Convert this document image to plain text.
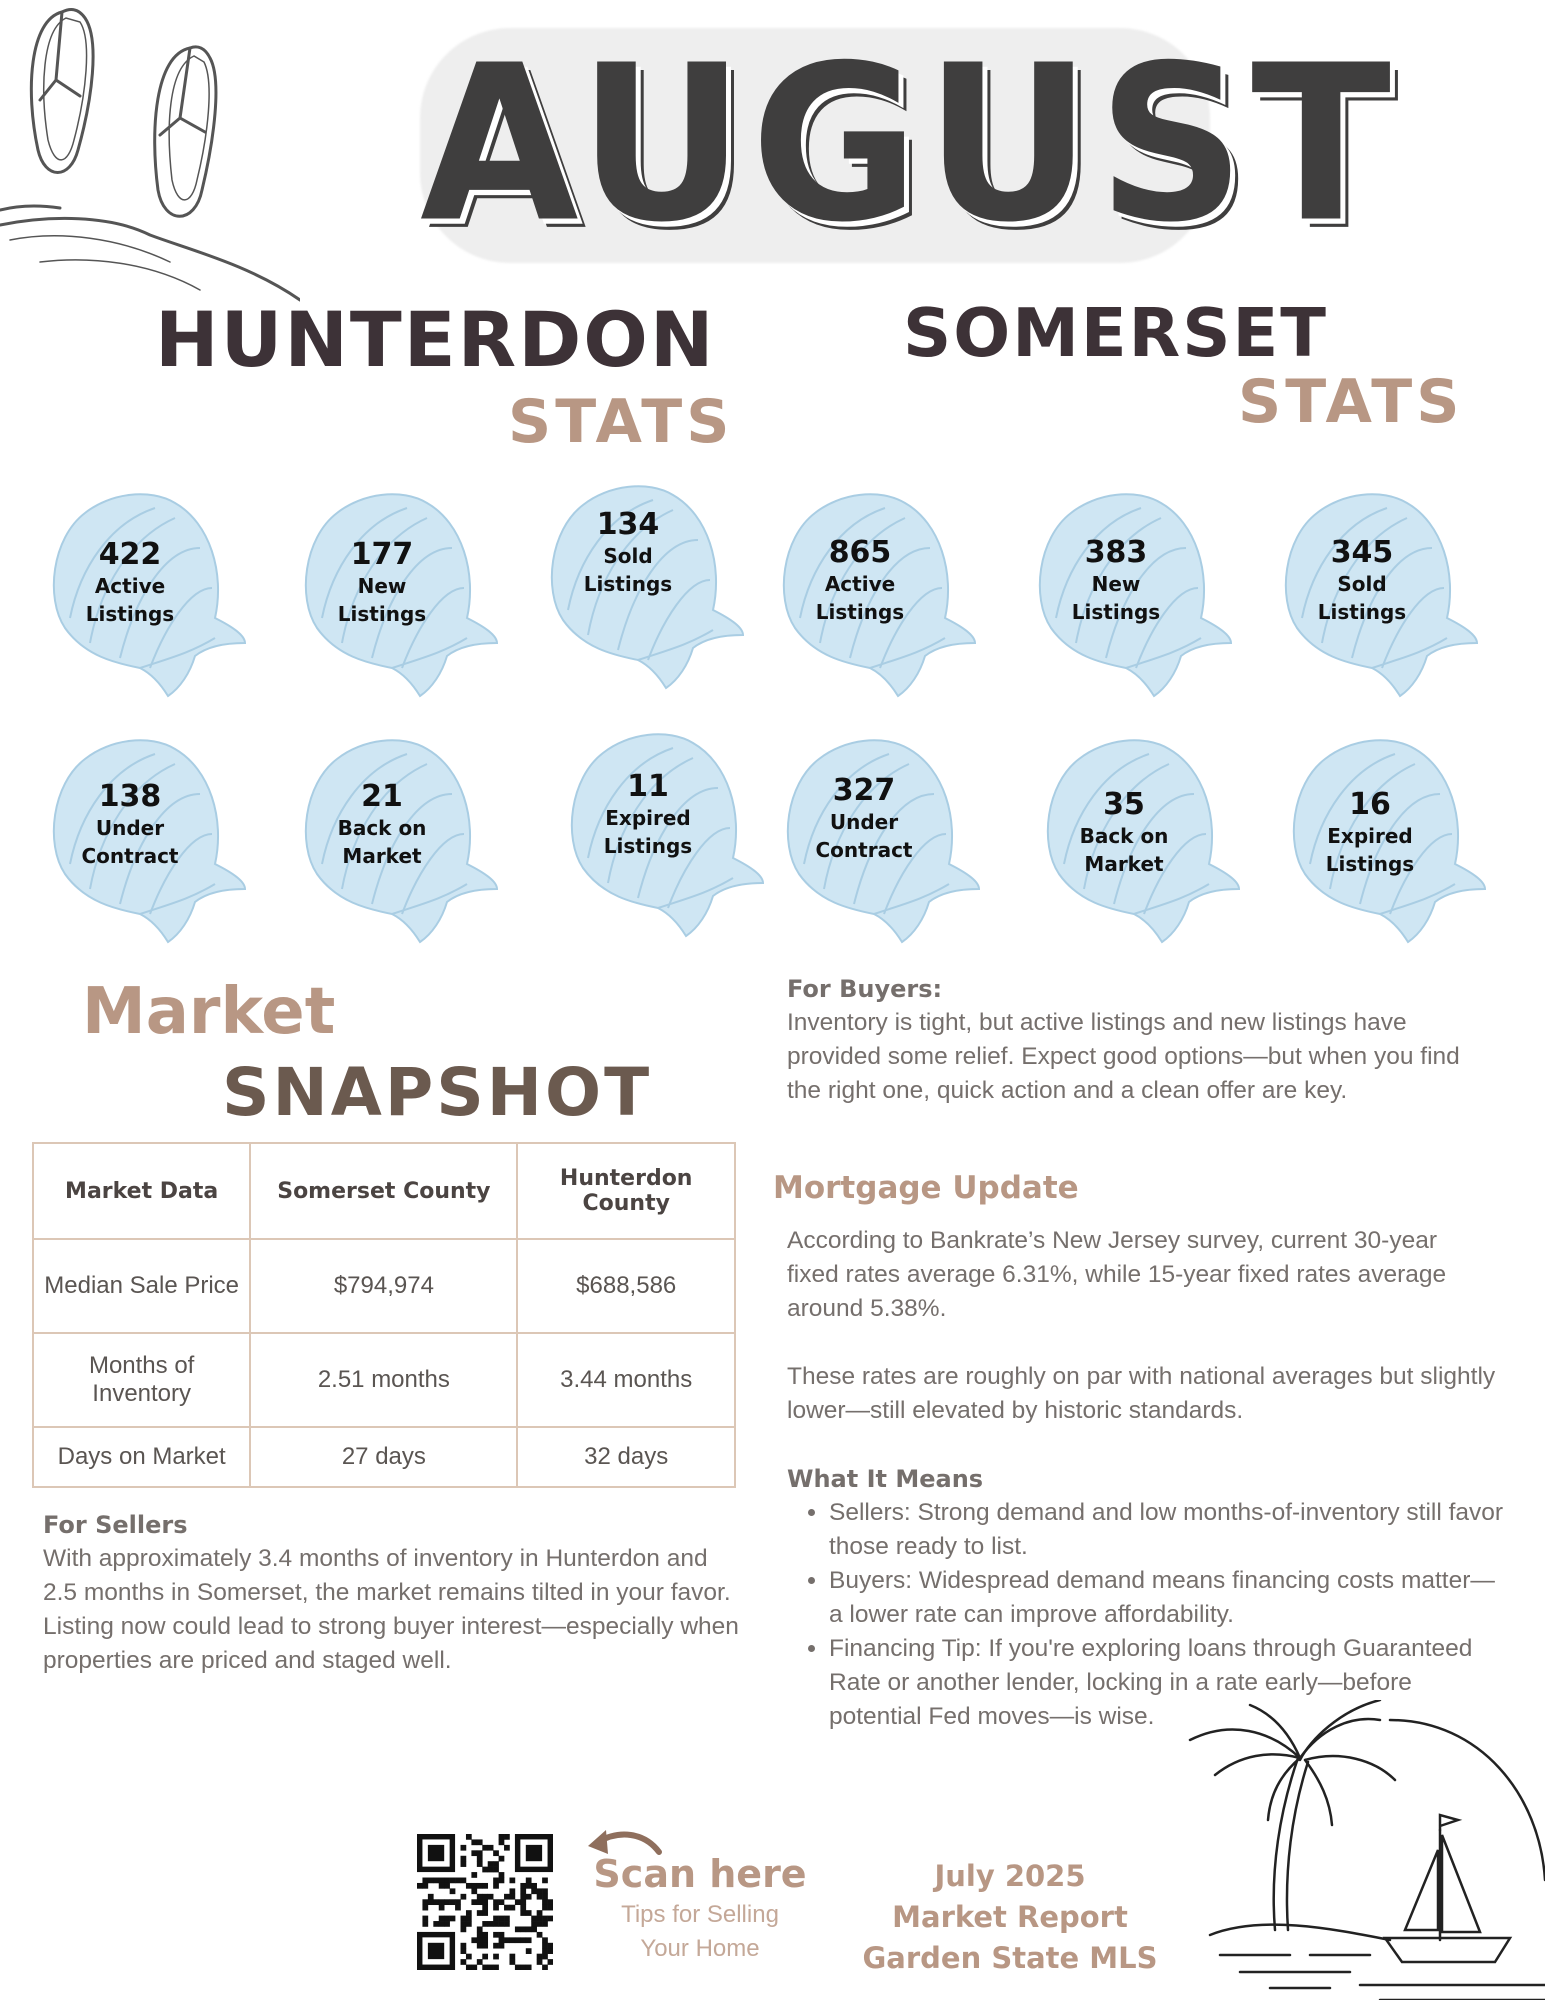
AUGUST
HUNTERDON
STATS
SOMERSET
STATS
422
Active
Listings
177
New
Listings
134
Sold
Listings
865
Active
Listings
383
New
Listings
345
Sold
Listings
138
Under
Contract
21
Back on
Market
11
Expired
Listings
327
Under
Contract
35
Back on
Market
16
Expired
Listings
Market
SNAPSHOT
Market Data	Somerset County	Hunterdon County
Median Sale Price	$794,974	$688,586
Months of Inventory	2.51 months	3.44 months
Days on Market	27 days	32 days
For Sellers
With approximately 3.4 months of inventory in Hunterdon and 2.5 months in Somerset, the market remains tilted in your favor. Listing now could lead to strong buyer interest—especially when properties are priced and staged well.
For Buyers:
Inventory is tight, but active listings and new listings have provided some relief. Expect good options—but when you find the right one, quick action and a clean offer are key.
Mortgage Update
According to Bankrate’s New Jersey survey, current 30-year fixed rates average 6.31%, while 15-year fixed rates average around 5.38%.
These rates are roughly on par with national averages but slightly lower—still elevated by historic standards.
What It Means
• Sellers: Strong demand and low months-of-inventory still favor those ready to list.
• Buyers: Widespread demand means financing costs matter—a lower rate can improve affordability.
• Financing Tip: If you're exploring loans through Guaranteed Rate or another lender, locking in a rate early—before potential Fed moves—is wise.
Scan here
Tips for Selling
Your Home
July 2025
Market Report
Garden State MLS
